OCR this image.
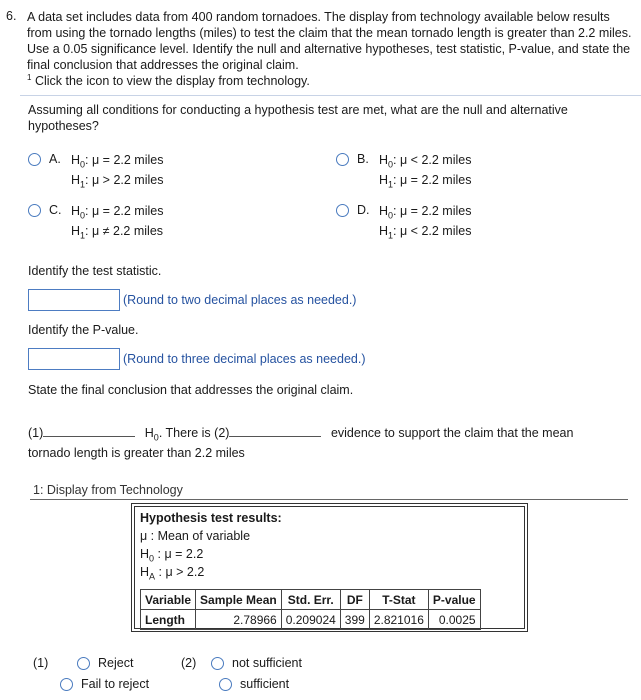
6. A data set includes data from 400 random tornadoes. The display from technology available below results from using the tornado lengths (miles) to test the claim that the mean tornado length is greater than 2.2 miles. Use a 0.05 significance level. Identify the null and alternative hypotheses, test statistic, P-value, and state the final conclusion that addresses the original claim.
$^1$ Click the icon to view the display from technology.
Assuming all conditions for conducting a hypothesis test are met, what are the null and alternative hypotheses?
A. $H_0$: μ = 2.2 miles
$H_1$: μ > 2.2 miles
B. $H_0$: μ < 2.2 miles
$H_1$: μ = 2.2 miles
C. $H_0$: μ = 2.2 miles
$H_1$: μ ≠ 2.2 miles
D. $H_0$: μ = 2.2 miles
$H_1$: μ < 2.2 miles
Identify the test statistic.
(Round to two decimal places as needed.)
Identify the P-value.
(Round to three decimal places as needed.)
State the final conclusion that addresses the original claim.
(1)	$H_0$. There is (2)	evidence to support the claim that the mean
tornado length is greater than 2.2 miles
1: Display from Technology
Hypothesis test results:
μ : Mean of variable
$H_0$ : μ = 2.2
$H_A$ : μ > 2.2
Variable	Sample Mean	Std. Err.	DF	T-Stat	P-value
Length	2.78966	0.209024	399	2.821016	0.0025
(1)	Reject
Fail to reject
(2)	not sufficient
sufficient
